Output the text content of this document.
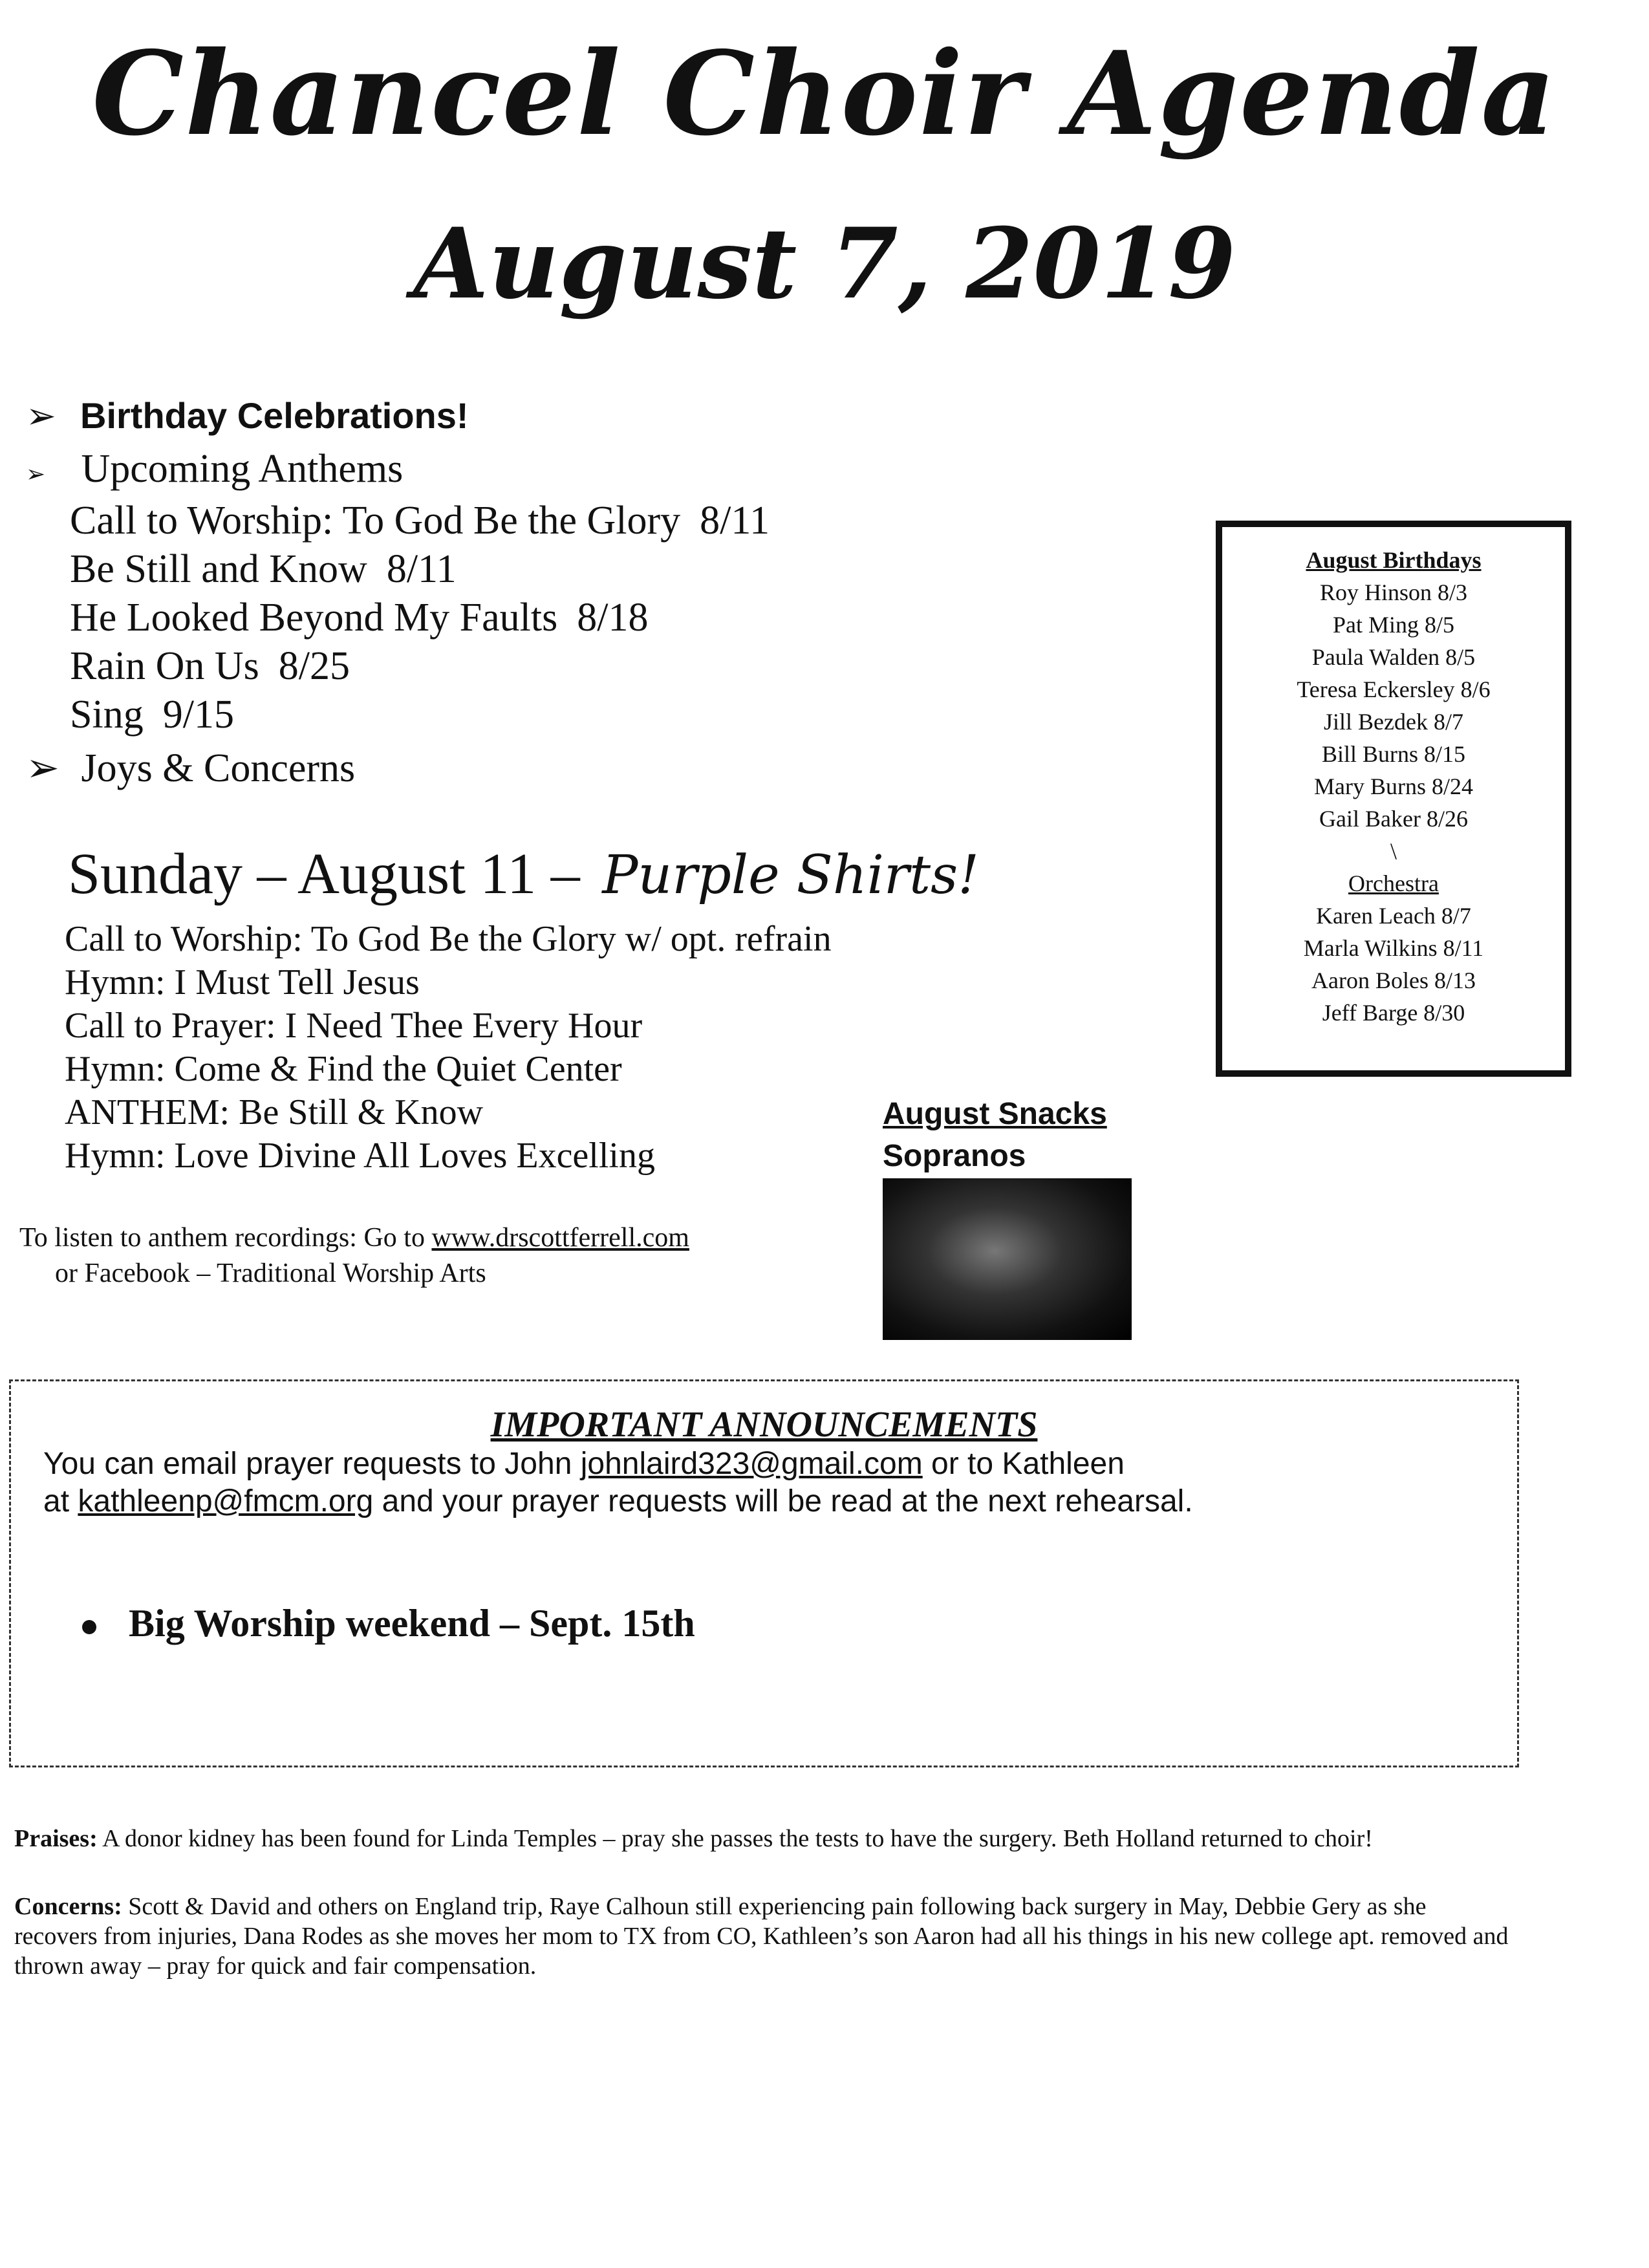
Chancel Choir Agenda
August 7, 2019
➢ Birthday Celebrations!
➢ Upcoming Anthems
Call to Worship: To God Be the Glory 8/11
Be Still and Know 8/11
He Looked Beyond My Faults 8/18
Rain On Us 8/25
Sing 9/15
➢ Joys & Concerns
Sunday – August 11 – Purple Shirts!
Call to Worship: To God Be the Glory w/ opt. refrain
Hymn: I Must Tell Jesus
Call to Prayer: I Need Thee Every Hour
Hymn: Come & Find the Quiet Center
ANTHEM: Be Still & Know
Hymn: Love Divine All Loves Excelling
To listen to anthem recordings: Go to www.drscottferrell.com
or Facebook – Traditional Worship Arts
August Snacks
Sopranos
August Birthdays
Roy Hinson 8/3
Pat Ming 8/5
Paula Walden 8/5
Teresa Eckersley 8/6
Jill Bezdek 8/7
Bill Burns 8/15
Mary Burns 8/24
Gail Baker 8/26
\
Orchestra
Karen Leach 8/7
Marla Wilkins 8/11
Aaron Boles 8/13
Jeff Barge 8/30
IMPORTANT ANNOUNCEMENTS
You can email prayer requests to John johnlaird323@gmail.com or to Kathleen
at kathleenp@fmcm.org and your prayer requests will be read at the next rehearsal.
Big Worship weekend – Sept. 15th
Praises: A donor kidney has been found for Linda Temples – pray she passes the tests to have the surgery. Beth Holland returned to choir!
Concerns: Scott & David and others on England trip, Raye Calhoun still experiencing pain following back surgery in May, Debbie Gery as she recovers from injuries, Dana Rodes as she moves her mom to TX from CO, Kathleen’s son Aaron had all his things in his new college apt. removed and thrown away – pray for quick and fair compensation.
